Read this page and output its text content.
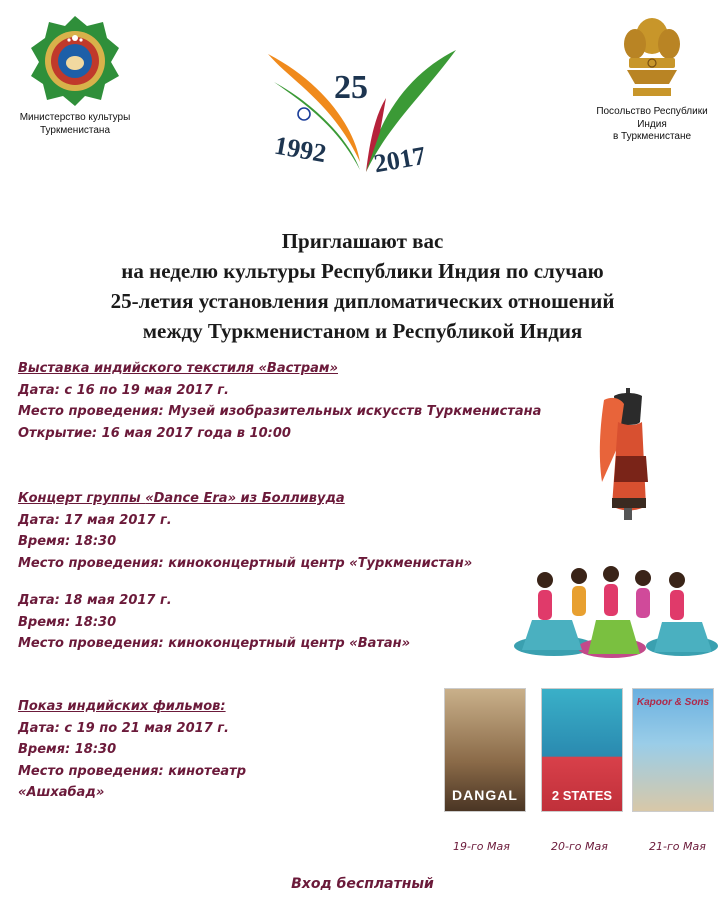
Министерство культуры
Туркменистана
25
1992 2017
Посольство Республики Индия
в Туркменистане
Приглашают вас
на неделю культуры Республики Индия по случаю
25-летия установления дипломатических отношений
между Туркменистаном и Республикой Индия
Выставка индийского текстиля «Вастрам»
Дата: с 16 по 19 мая 2017 г.
Место проведения: Музей изобразительных искусств Туркменистана
Открытие: 16 мая 2017 года в 10:00
Концерт группы «Dance Era» из Болливуда
Дата: 17 мая 2017 г.
Время: 18:30
Место проведения: киноконцертный центр «Туркменистан»
Дата: 18 мая 2017 г.
Время: 18:30
Место проведения: киноконцертный центр «Ватан»
Показ индийских фильмов:
Дата: с 19 по 21 мая 2017 г.
Время: 18:30
Место проведения: кинотеатр
«Ашхабад»	DANGAL	2 STATES
Kapoor & Sons
19-го Мая	20-го Мая	21-го Мая
Вход бесплатный
